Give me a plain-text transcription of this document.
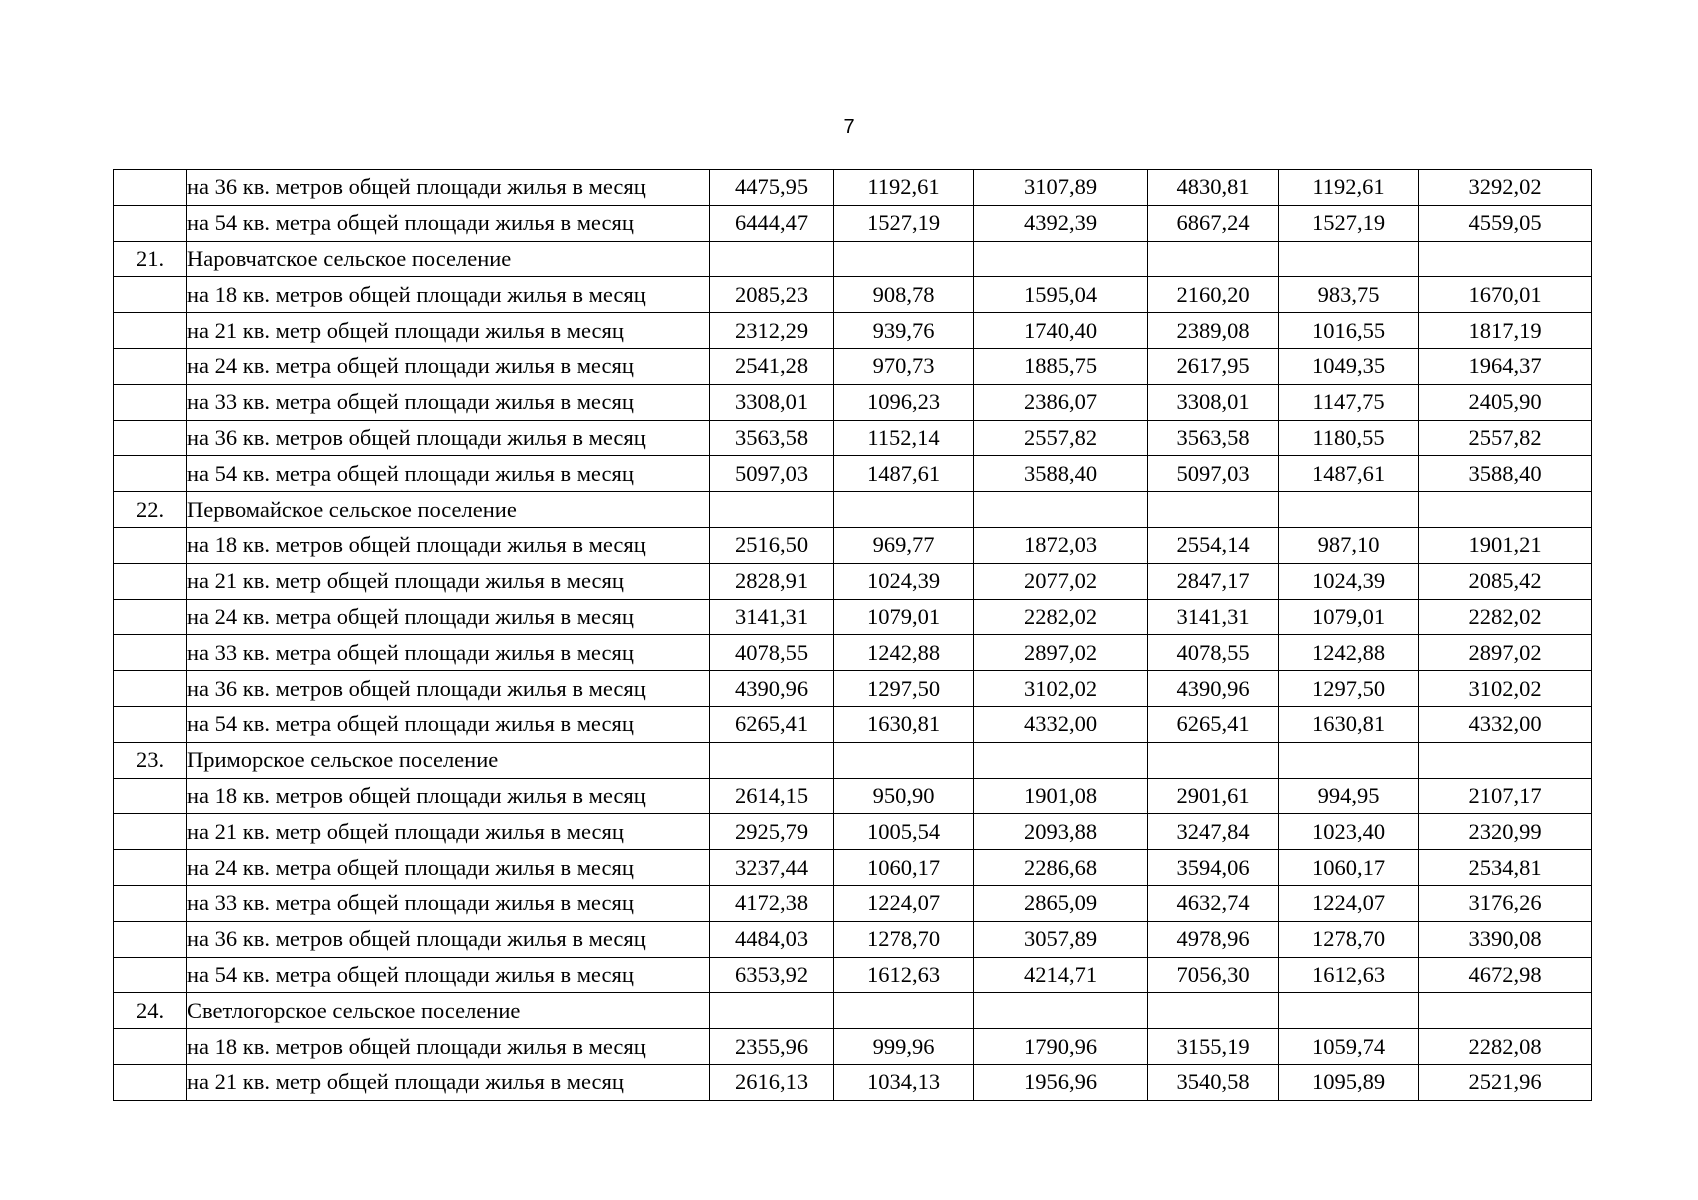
7
	на 36 кв. метров общей площади жилья в месяц	4475,95	1192,61	3107,89	4830,81	1192,61	3292,02
	на 54 кв. метра общей площади жилья в месяц	6444,47	1527,19	4392,39	6867,24	1527,19	4559,05
21.	Наровчатское сельское поселение						
	на 18 кв. метров общей площади жилья в месяц	2085,23	908,78	1595,04	2160,20	983,75	1670,01
	на 21 кв. метр общей площади жилья в месяц	2312,29	939,76	1740,40	2389,08	1016,55	1817,19
	на 24 кв. метра общей площади жилья в месяц	2541,28	970,73	1885,75	2617,95	1049,35	1964,37
	на 33 кв. метра общей площади жилья в месяц	3308,01	1096,23	2386,07	3308,01	1147,75	2405,90
	на 36 кв. метров общей площади жилья в месяц	3563,58	1152,14	2557,82	3563,58	1180,55	2557,82
	на 54 кв. метра общей площади жилья в месяц	5097,03	1487,61	3588,40	5097,03	1487,61	3588,40
22.	Первомайское сельское поселение						
	на 18 кв. метров общей площади жилья в месяц	2516,50	969,77	1872,03	2554,14	987,10	1901,21
	на 21 кв. метр общей площади жилья в месяц	2828,91	1024,39	2077,02	2847,17	1024,39	2085,42
	на 24 кв. метра общей площади жилья в месяц	3141,31	1079,01	2282,02	3141,31	1079,01	2282,02
	на 33 кв. метра общей площади жилья в месяц	4078,55	1242,88	2897,02	4078,55	1242,88	2897,02
	на 36 кв. метров общей площади жилья в месяц	4390,96	1297,50	3102,02	4390,96	1297,50	3102,02
	на 54 кв. метра общей площади жилья в месяц	6265,41	1630,81	4332,00	6265,41	1630,81	4332,00
23.	Приморское сельское поселение						
	на 18 кв. метров общей площади жилья в месяц	2614,15	950,90	1901,08	2901,61	994,95	2107,17
	на 21 кв. метр общей площади жилья в месяц	2925,79	1005,54	2093,88	3247,84	1023,40	2320,99
	на 24 кв. метра общей площади жилья в месяц	3237,44	1060,17	2286,68	3594,06	1060,17	2534,81
	на 33 кв. метра общей площади жилья в месяц	4172,38	1224,07	2865,09	4632,74	1224,07	3176,26
	на 36 кв. метров общей площади жилья в месяц	4484,03	1278,70	3057,89	4978,96	1278,70	3390,08
	на 54 кв. метра общей площади жилья в месяц	6353,92	1612,63	4214,71	7056,30	1612,63	4672,98
24.	Светлогорское сельское поселение						
	на 18 кв. метров общей площади жилья в месяц	2355,96	999,96	1790,96	3155,19	1059,74	2282,08
	на 21 кв. метр общей площади жилья в месяц	2616,13	1034,13	1956,96	3540,58	1095,89	2521,96
